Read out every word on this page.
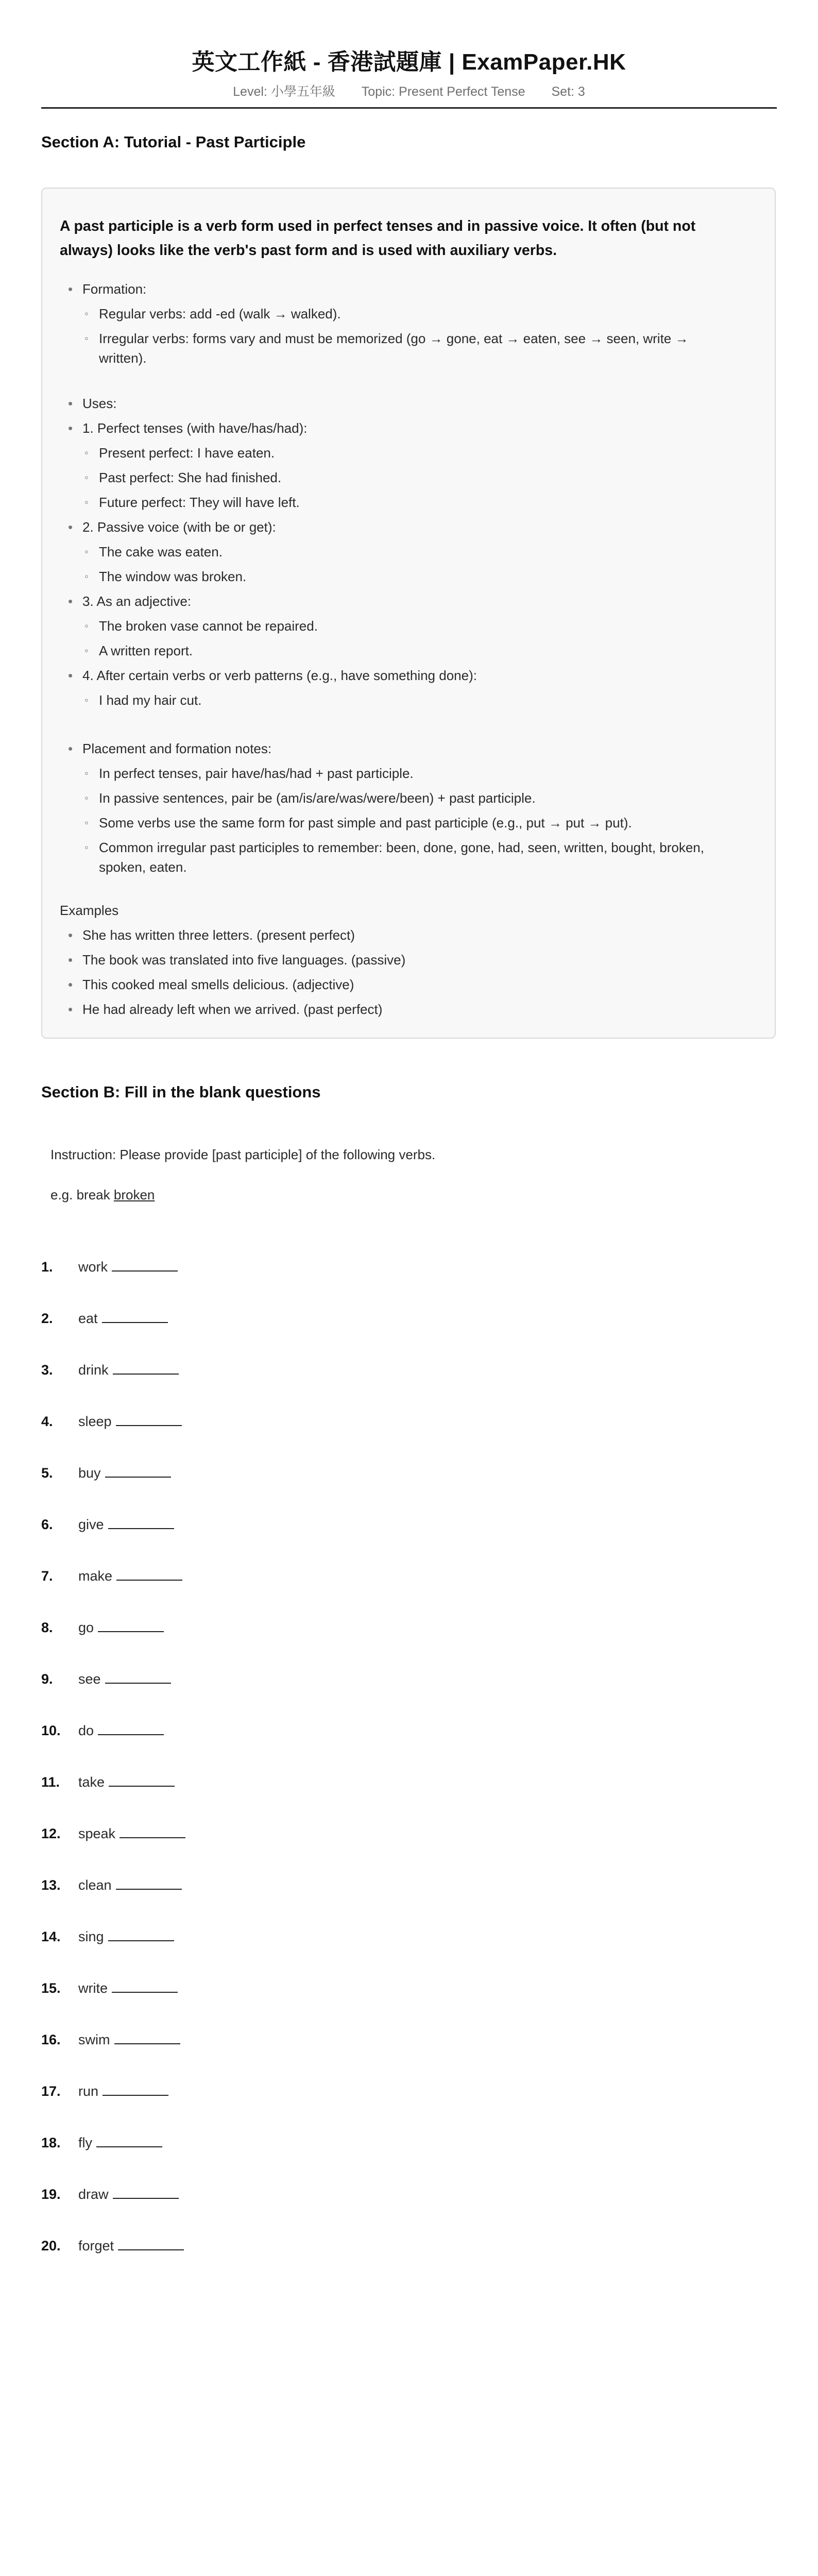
英文工作紙 - 香港試題庫 | ExamPaper.HK
Level: 小學五年級 Topic: Present Perfect Tense Set: 3
Section A: Tutorial - Past Participle
A past participle is a verb form used in perfect tenses and in passive voice. It often (but not always) looks like the verb's past form and is used with auxiliary verbs.
• Formation:
◦ Regular verbs: add -ed (walk → walked).
◦ Irregular verbs: forms vary and must be memorized (go → gone, eat → eaten, see → seen, write → written).
• Uses:
• 1. Perfect tenses (with have/has/had):
◦ Present perfect: I have eaten.
◦ Past perfect: She had finished.
◦ Future perfect: They will have left.
• 2. Passive voice (with be or get):
◦ The cake was eaten.
◦ The window was broken.
• 3. As an adjective:
◦ The broken vase cannot be repaired.
◦ A written report.
• 4. After certain verbs or verb patterns (e.g., have something done):
◦ I had my hair cut.
• Placement and formation notes:
◦ In perfect tenses, pair have/has/had + past participle.
◦ In passive sentences, pair be (am/is/are/was/were/been) + past participle.
◦ Some verbs use the same form for past simple and past participle (e.g., put → put → put).
◦ Common irregular past participles to remember: been, done, gone, had, seen, written, bought, broken, spoken, eaten.
Examples
• She has written three letters. (present perfect)
• The book was translated into five languages. (passive)
• This cooked meal smells delicious. (adjective)
• He had already left when we arrived. (past perfect)
Section B: Fill in the blank questions
Instruction: Please provide [past participle] of the following verbs.
e.g. break broken
1. work
2. eat
3. drink
4. sleep
5. buy
6. give
7. make
8. go
9. see
10. do
11. take
12. speak
13. clean
14. sing
15. write
16. swim
17. run
18. fly
19. draw
20. forget
